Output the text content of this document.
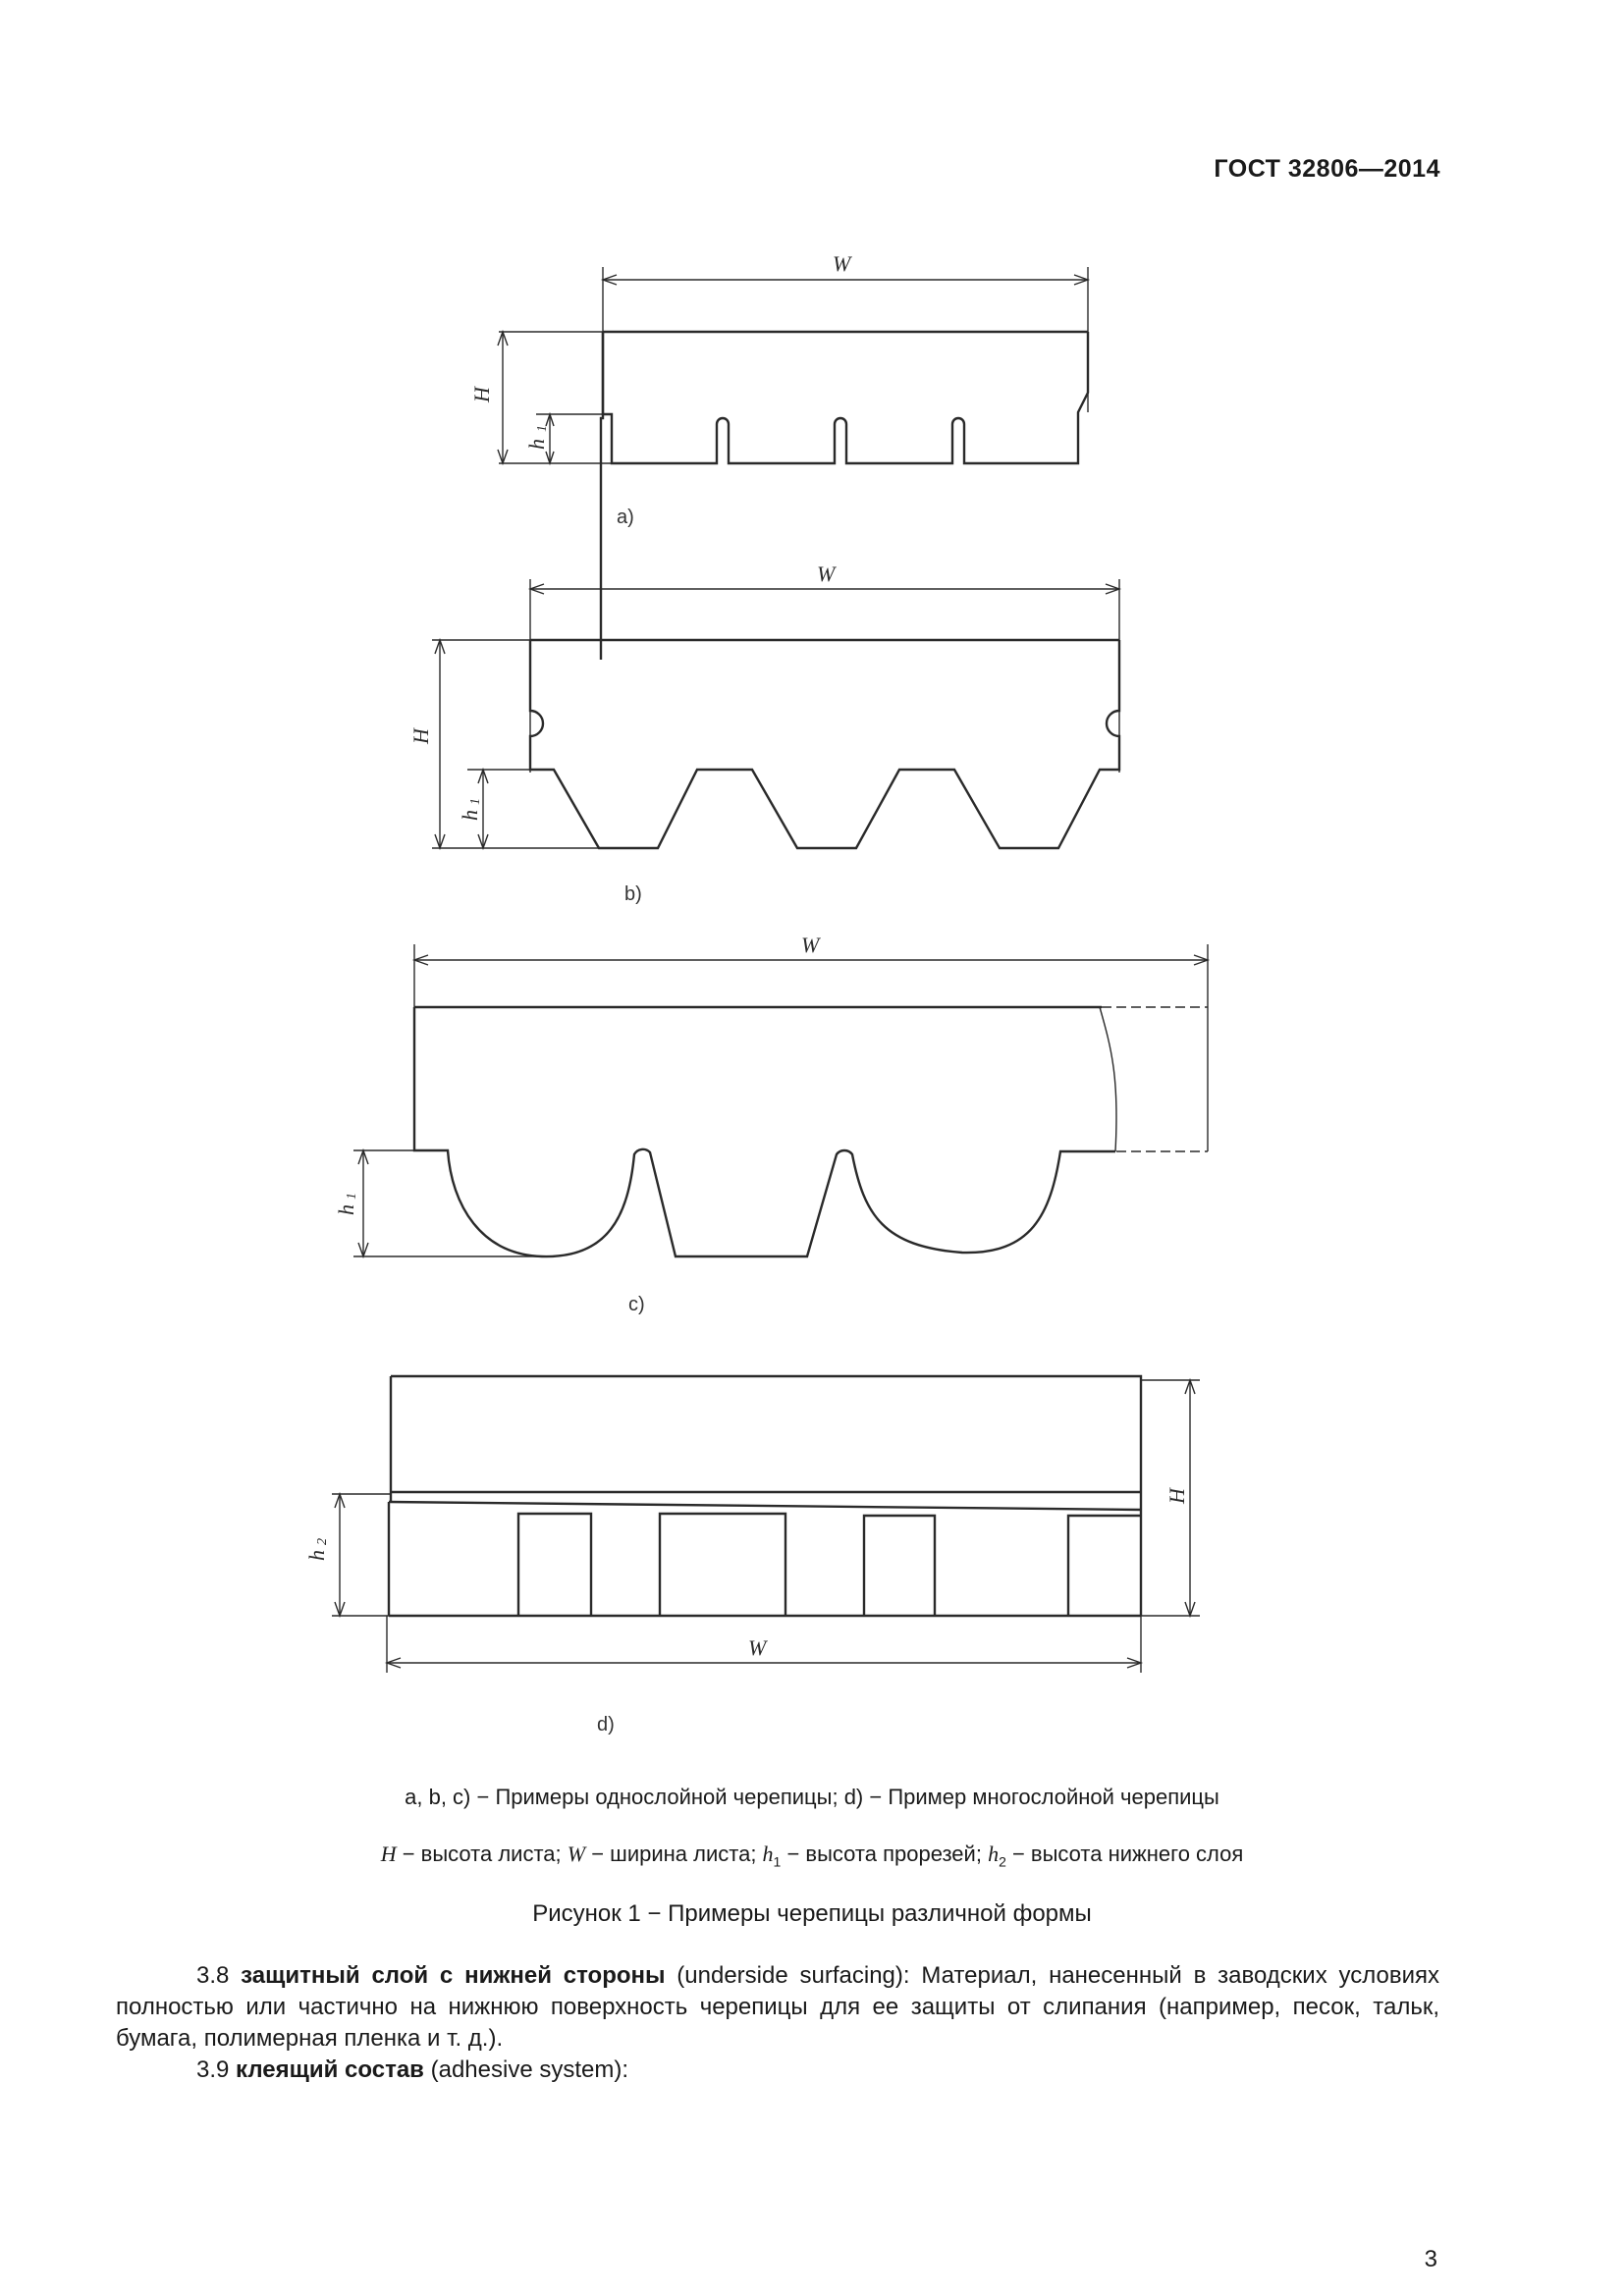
ГОСТ 32806—2014
W
H
h
1
a)
W
H
h
1
b)
W
h
1
c)
H
h
2
W
d)
a, b, c) − Примеры однослойной черепицы; d) − Пример многослойной черепицы
H − высота листа; W − ширина листа; $h_1$ − высота прорезей; $h_2$ − высота нижнего слоя
Рисунок 1 − Примеры черепицы различной формы
3.8 защитный слой с нижней стороны (underside surfacing): Материал, нанесенный в заводских условиях полностью или частично на нижнюю поверхность черепицы для ее защиты от слипания (например, песок, тальк, бумага, полимерная пленка и т. д.).
3.9 клеящий состав (adhesive system):
3
